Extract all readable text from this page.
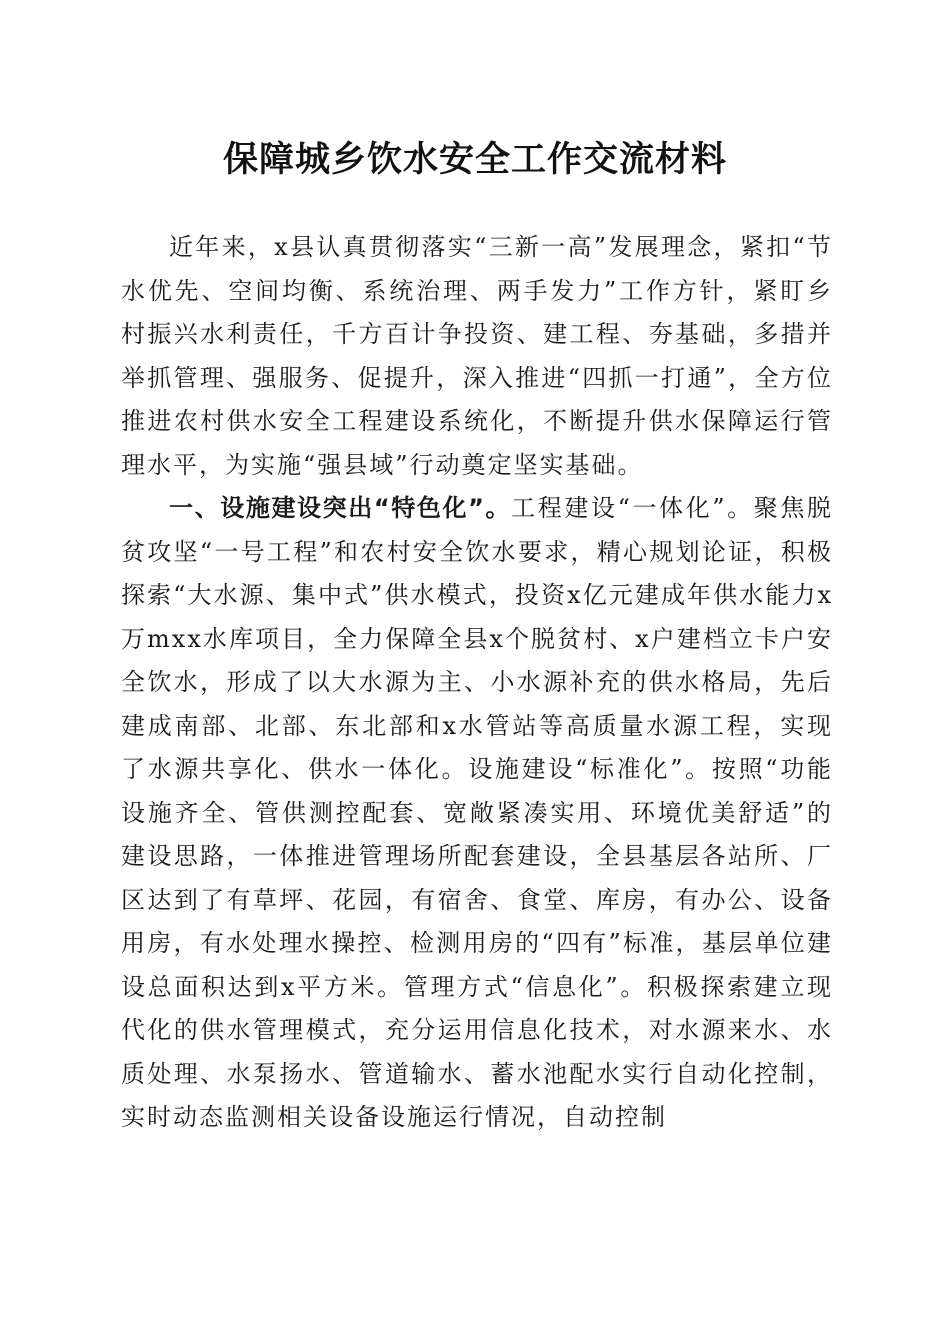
保障城乡饮水安全工作交流材料

近年来，x县认真贯彻落实“三新一高”发展理念，紧扣“节水优先、空间均衡、系统治理、两手发力”工作方针，紧盯乡村振兴水利责任，千方百计争投资、建工程、夯基础，多措并举抓管理、强服务、促提升，深入推进“四抓一打通”，全方位推进农村供水安全工程建设系统化，不断提升供水保障运行管理水平，为实施“强县域”行动奠定坚实基础。

一、设施建设突出“特色化”。工程建设“一体化”。聚焦脱贫攻坚“一号工程”和农村安全饮水要求，精心规划论证，积极探索“大水源、集中式”供水模式，投资x亿元建成年供水能力x万mxx水库项目，全力保障全县x个脱贫村、x户建档立卡户安全饮水，形成了以大水源为主、小水源补充的供水格局，先后建成南部、北部、东北部和x水管站等高质量水源工程，实现了水源共享化、供水一体化。设施建设“标准化”。按照“功能设施齐全、管供测控配套、宽敞紧凑实用、环境优美舒适”的建设思路，一体推进管理场所配套建设，全县基层各站所、厂区达到了有草坪、花园，有宿舍、食堂、库房，有办公、设备用房，有水处理水操控、检测用房的“四有”标准，基层单位建设总面积达到x平方米。管理方式“信息化”。积极探索建立现代化的供水管理模式，充分运用信息化技术，对水源来水、水质处理、水泵扬水、管道输水、蓄水池配水实行自动化控制，实时动态监测相关设备设施运行情况，自动控制
